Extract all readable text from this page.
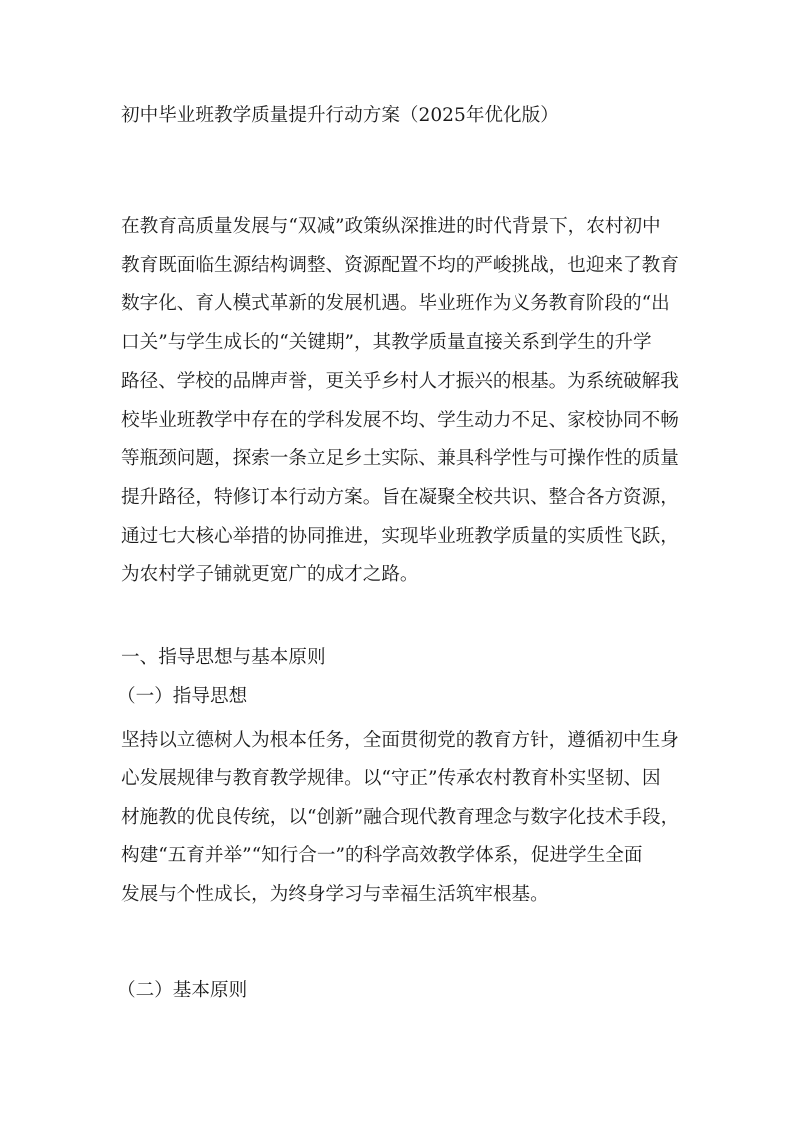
初中毕业班教学质量提升行动方案（2025年优化版）
在教育高质量发展与“双减”政策纵深推进的时代背景下，农村初中
教育既面临生源结构调整、资源配置不均的严峻挑战，也迎来了教育
数字化、育人模式革新的发展机遇。毕业班作为义务教育阶段的“出
口关”与学生成长的“关键期”，其教学质量直接关系到学生的升学
路径、学校的品牌声誉，更关乎乡村人才振兴的根基。为系统破解我
校毕业班教学中存在的学科发展不均、学生动力不足、家校协同不畅
等瓶颈问题，探索一条立足乡土实际、兼具科学性与可操作性的质量
提升路径，特修订本行动方案。旨在凝聚全校共识、整合各方资源，
通过七大核心举措的协同推进，实现毕业班教学质量的实质性飞跃，
为农村学子铺就更宽广的成才之路。
一、指导思想与基本原则
（一）指导思想
坚持以立德树人为根本任务，全面贯彻党的教育方针，遵循初中生身
心发展规律与教育教学规律。以“守正”传承农村教育朴实坚韧、因
材施教的优良传统，以“创新”融合现代教育理念与数字化技术手段，
构建“五育并举”“知行合一”的科学高效教学体系，促进学生全面
发展与个性成长，为终身学习与幸福生活筑牢根基。
（二）基本原则
